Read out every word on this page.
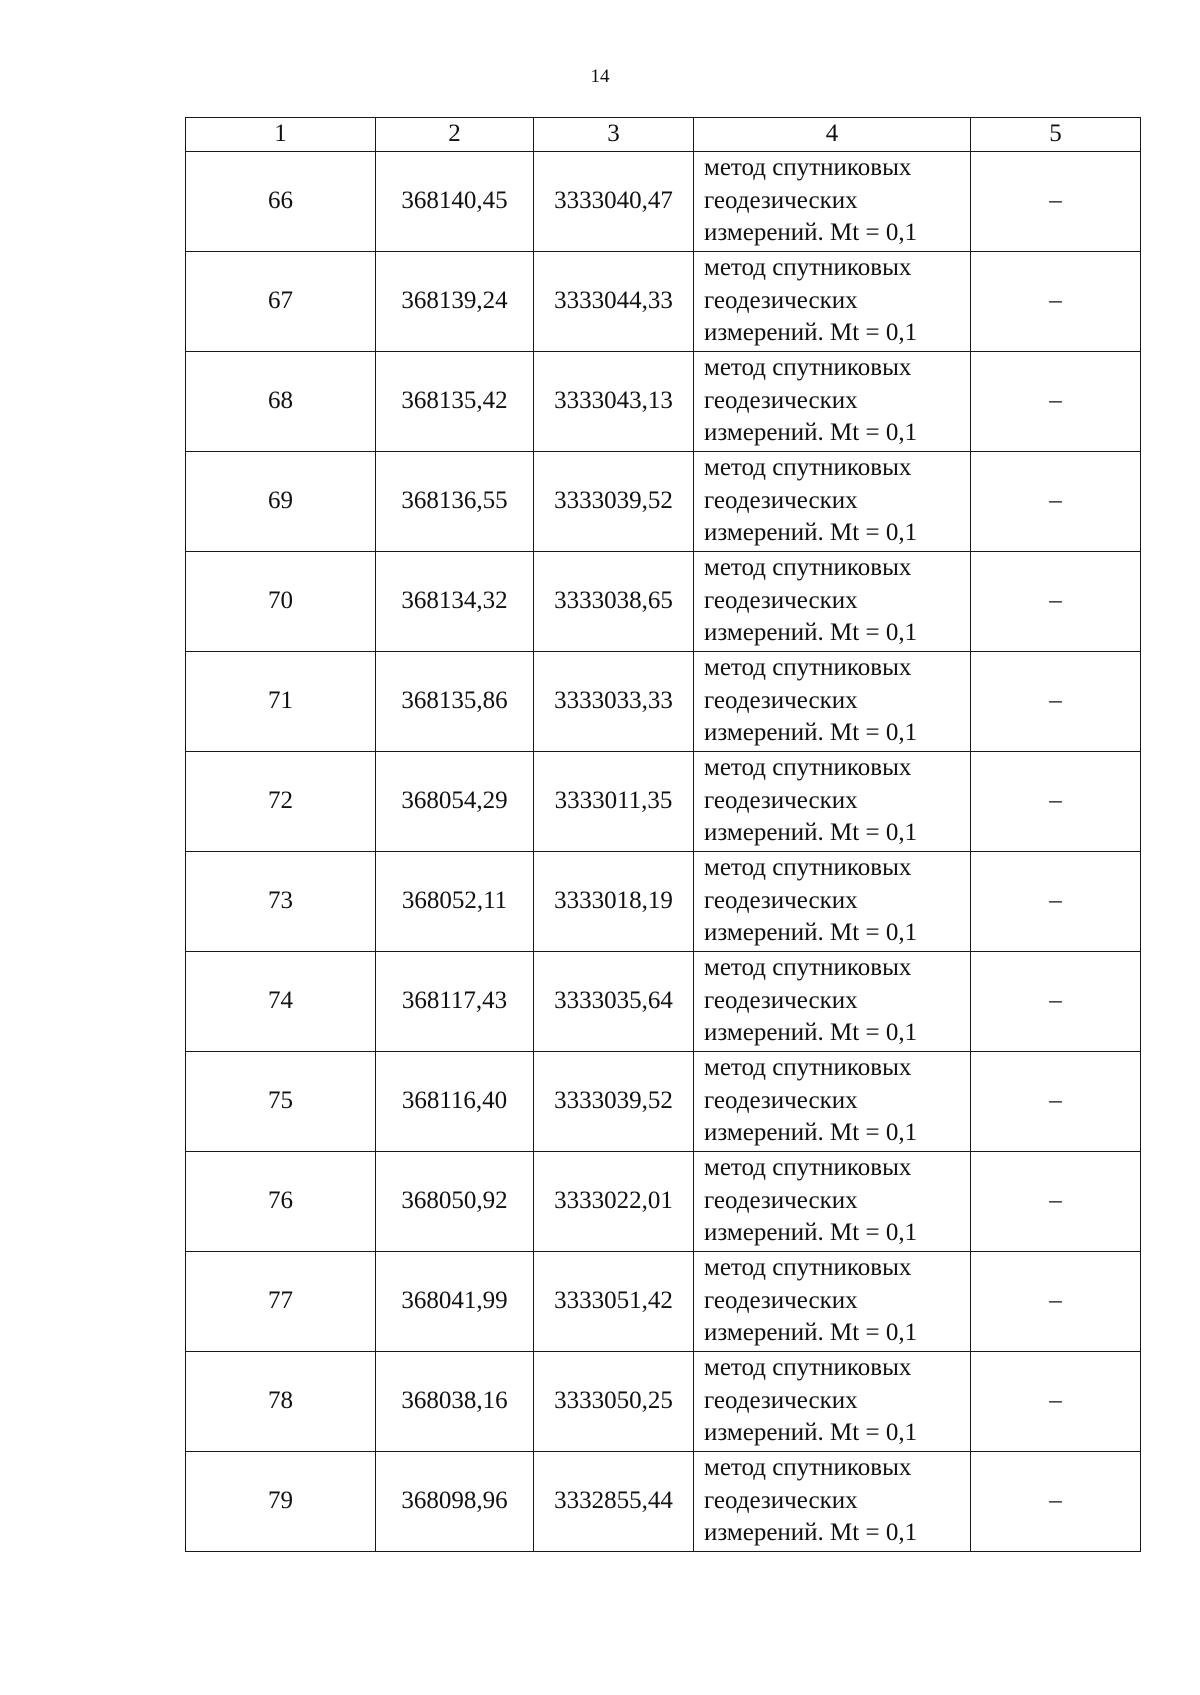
14
1	2	3	4	5
66	368140,45	3333040,47	метод спутниковых
геодезических
измерений. Mt = 0,1	–
67	368139,24	3333044,33	метод спутниковых
геодезических
измерений. Mt = 0,1	–
68	368135,42	3333043,13	метод спутниковых
геодезических
измерений. Mt = 0,1	–
69	368136,55	3333039,52	метод спутниковых
геодезических
измерений. Mt = 0,1	–
70	368134,32	3333038,65	метод спутниковых
геодезических
измерений. Mt = 0,1	–
71	368135,86	3333033,33	метод спутниковых
геодезических
измерений. Mt = 0,1	–
72	368054,29	3333011,35	метод спутниковых
геодезических
измерений. Mt = 0,1	–
73	368052,11	3333018,19	метод спутниковых
геодезических
измерений. Mt = 0,1	–
74	368117,43	3333035,64	метод спутниковых
геодезических
измерений. Mt = 0,1	–
75	368116,40	3333039,52	метод спутниковых
геодезических
измерений. Mt = 0,1	–
76	368050,92	3333022,01	метод спутниковых
геодезических
измерений. Mt = 0,1	–
77	368041,99	3333051,42	метод спутниковых
геодезических
измерений. Mt = 0,1	–
78	368038,16	3333050,25	метод спутниковых
геодезических
измерений. Mt = 0,1	–
79	368098,96	3332855,44	метод спутниковых
геодезических
измерений. Mt = 0,1	–
